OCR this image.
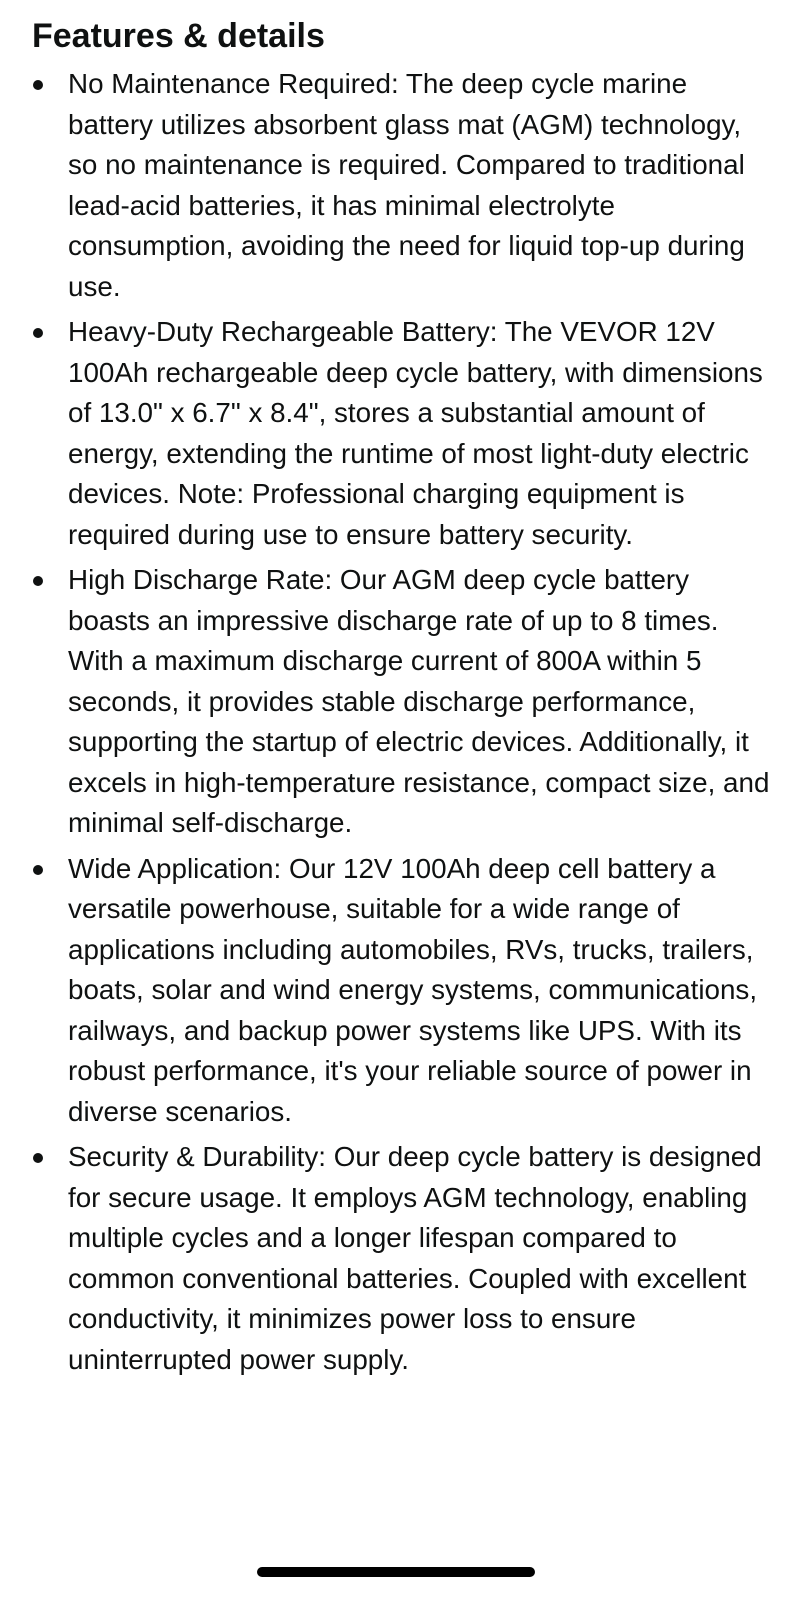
Features & details
No Maintenance Required: The deep cycle marine battery utilizes absorbent glass mat (AGM) technology, so no maintenance is required. Compared to traditional lead-acid batteries, it has minimal electrolyte consumption, avoiding the need for liquid top-up during use.
Heavy-Duty Rechargeable Battery: The VEVOR 12V 100Ah rechargeable deep cycle battery, with dimensions of 13.0" x 6.7" x 8.4", stores a substantial amount of energy, extending the runtime of most light-duty electric devices. Note: Professional charging equipment is required during use to ensure battery security.
High Discharge Rate: Our AGM deep cycle battery boasts an impressive discharge rate of up to 8 times. With a maximum discharge current of 800A within 5 seconds, it provides stable discharge performance, supporting the startup of electric devices. Additionally, it excels in high-temperature resistance, compact size, and minimal self-discharge.
Wide Application: Our 12V 100Ah deep cell battery a versatile powerhouse, suitable for a wide range of applications including automobiles, RVs, trucks, trailers, boats, solar and wind energy systems, communications, railways, and backup power systems like UPS. With its robust performance, it's your reliable source of power in diverse scenarios.
Security & Durability: Our deep cycle battery is designed for secure usage. It employs AGM technology, enabling multiple cycles and a longer lifespan compared to common conventional batteries. Coupled with excellent conductivity, it minimizes power loss to ensure uninterrupted power supply.
